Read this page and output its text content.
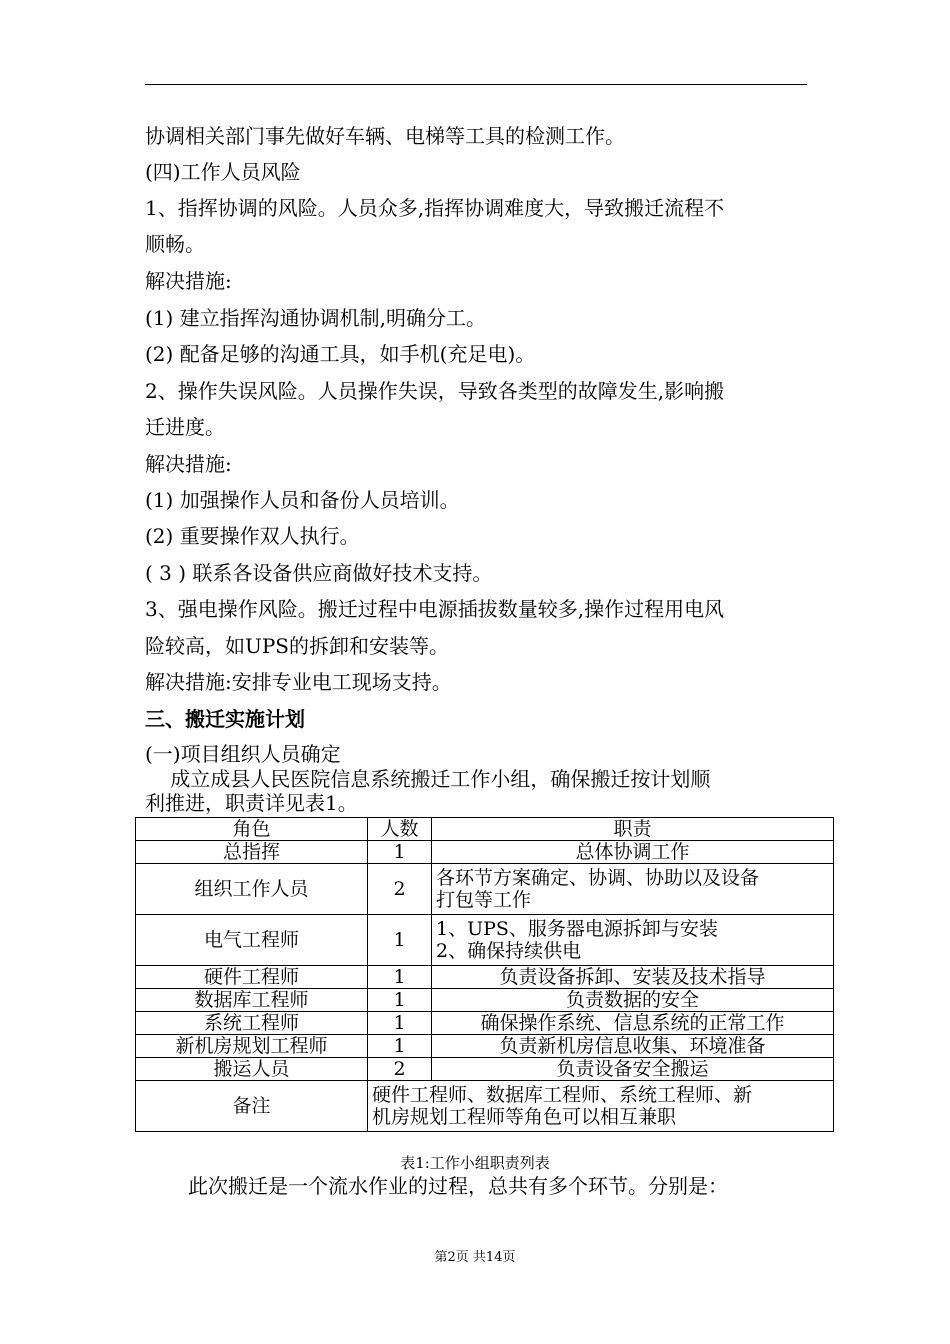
协调相关部门事先做好车辆、电梯等工具的检测工作。
(四)工作人员风险
1、指挥协调的风险。人员众多,指挥协调难度大，导致搬迁流程不
顺畅。
解决措施:
(1) 建立指挥沟通协调机制,明确分工。
(2) 配备足够的沟通工具，如手机(充足电)。
2、操作失误风险。人员操作失误，导致各类型的故障发生,影响搬
迁进度。
解决措施:
(1) 加强操作人员和备份人员培训。
(2) 重要操作双人执行。
( 3 ) 联系各设备供应商做好技术支持。
3、强电操作风险。搬迁过程中电源插拔数量较多,操作过程用电风
险较高，如UPS的拆卸和安装等。
解决措施:安排专业电工现场支持。
三、搬迁实施计划
(一)项目组织人员确定
成立成县人民医院信息系统搬迁工作小组，确保搬迁按计划顺
利推进，职责详见表1。
角色	人数	职责
总指挥	1	总体协调工作
组织工作人员	2	各环节方案确定、协调、协助以及设备
打包等工作

电气工程师	1	1、UPS、服务器电源拆卸与安装
2、确保持续供电

硬件工程师	1	负责设备拆卸、安装及技术指导
数据库工程师	1	负责数据的安全
系统工程师	1	确保操作系统、信息系统的正常工作
新机房规划工程师	1	负责新机房信息收集、环境准备
搬运人员	2	负责设备安全搬运
备注	硬件工程师、数据库工程师、系统工程师、新
机房规划工程师等角色可以相互兼职	
表1:工作小组职责列表
此次搬迁是一个流水作业的过程，总共有多个环节。分别是：
第2页 共14页
